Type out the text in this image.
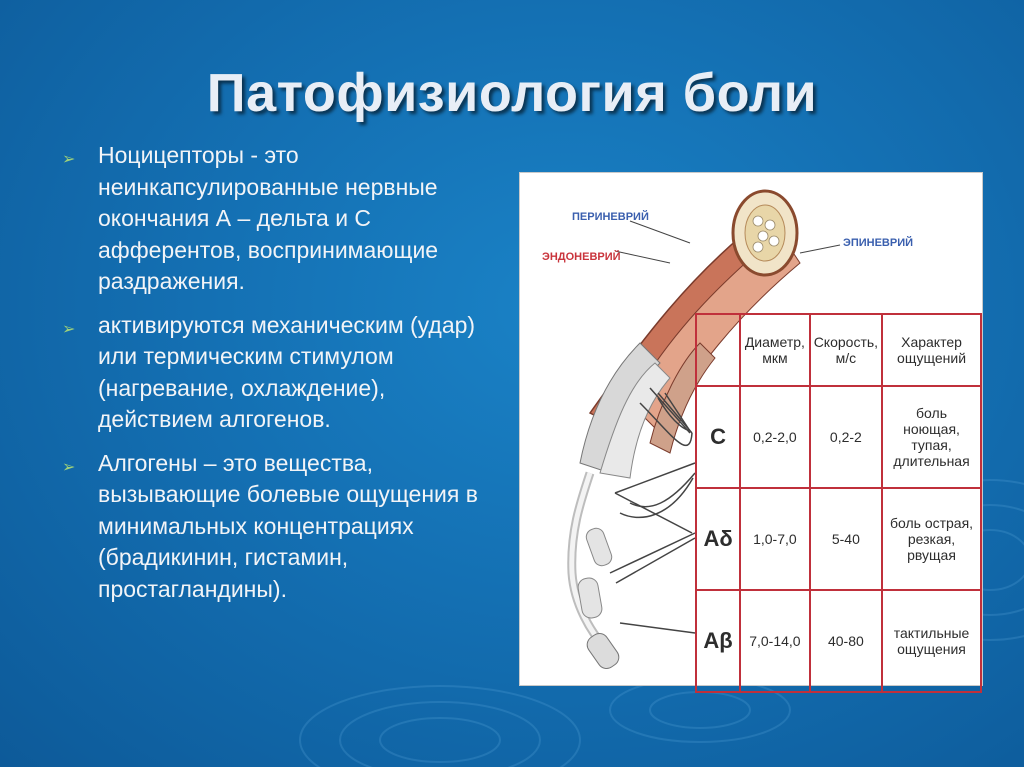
Патофизиология боли
➢ Ноцицепторы - это неинкапсулированные нервные окончания А – дельта и С афферентов, воспринимающие раздражения.
➢ активируются механическим (удар) или термическим стимулом (нагревание, охлаждение), действием алгогенов.
➢ Алгогены – это вещества, вызывающие болевые ощущения в минимальных концентрациях (брадикинин, гистамин, простагландины).
ПЕРИНЕВРИЙ
ЭНДОНЕВРИЙ
ЭПИНЕВРИЙ
	Диаметр, мкм	Скорость, м/с	Характер ощущений
C	0,2-2,0	0,2-2	боль ноющая, тупая, длительная
Aδ	1,0-7,0	5-40	боль острая, резкая, рвущая
Aβ	7,0-14,0	40-80	тактильные ощущения
